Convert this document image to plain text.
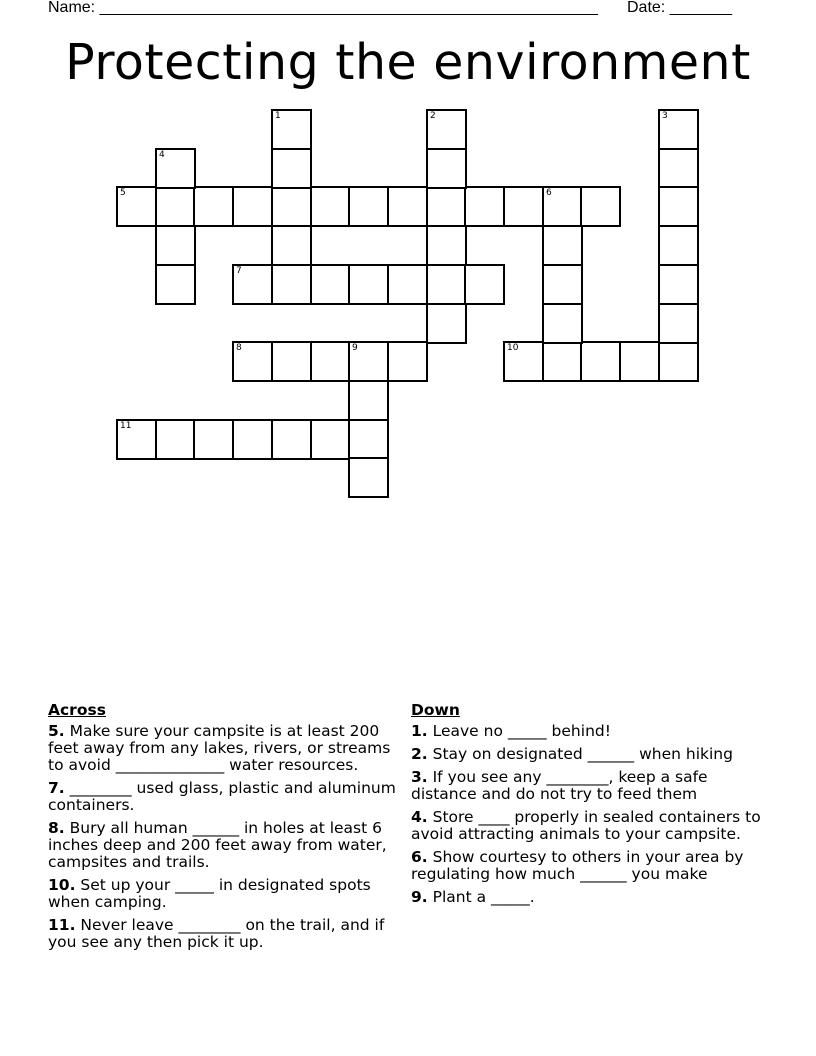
Name: ________________________________________________________ Date: _______
Protecting the environment
5	6
7
8	9	10
11
1	2	3
4
Across
5. Make sure your campsite is at least 200 feet away from any lakes, rivers, or streams to avoid ______________ water resources.
7. ________ used glass, plastic and aluminum containers.
8. Bury all human ______ in holes at least 6 inches deep and 200 feet away from water, campsites and trails.
10. Set up your _____ in designated spots when camping.
11. Never leave ________ on the trail, and if you see any then pick it up.
Down
1. Leave no _____ behind!
2. Stay on designated ______ when hiking
3. If you see any ________, keep a safe distance and do not try to feed them
4. Store ____ properly in sealed containers to avoid attracting animals to your campsite.
6. Show courtesy to others in your area by regulating how much ______ you make
9. Plant a _____.
